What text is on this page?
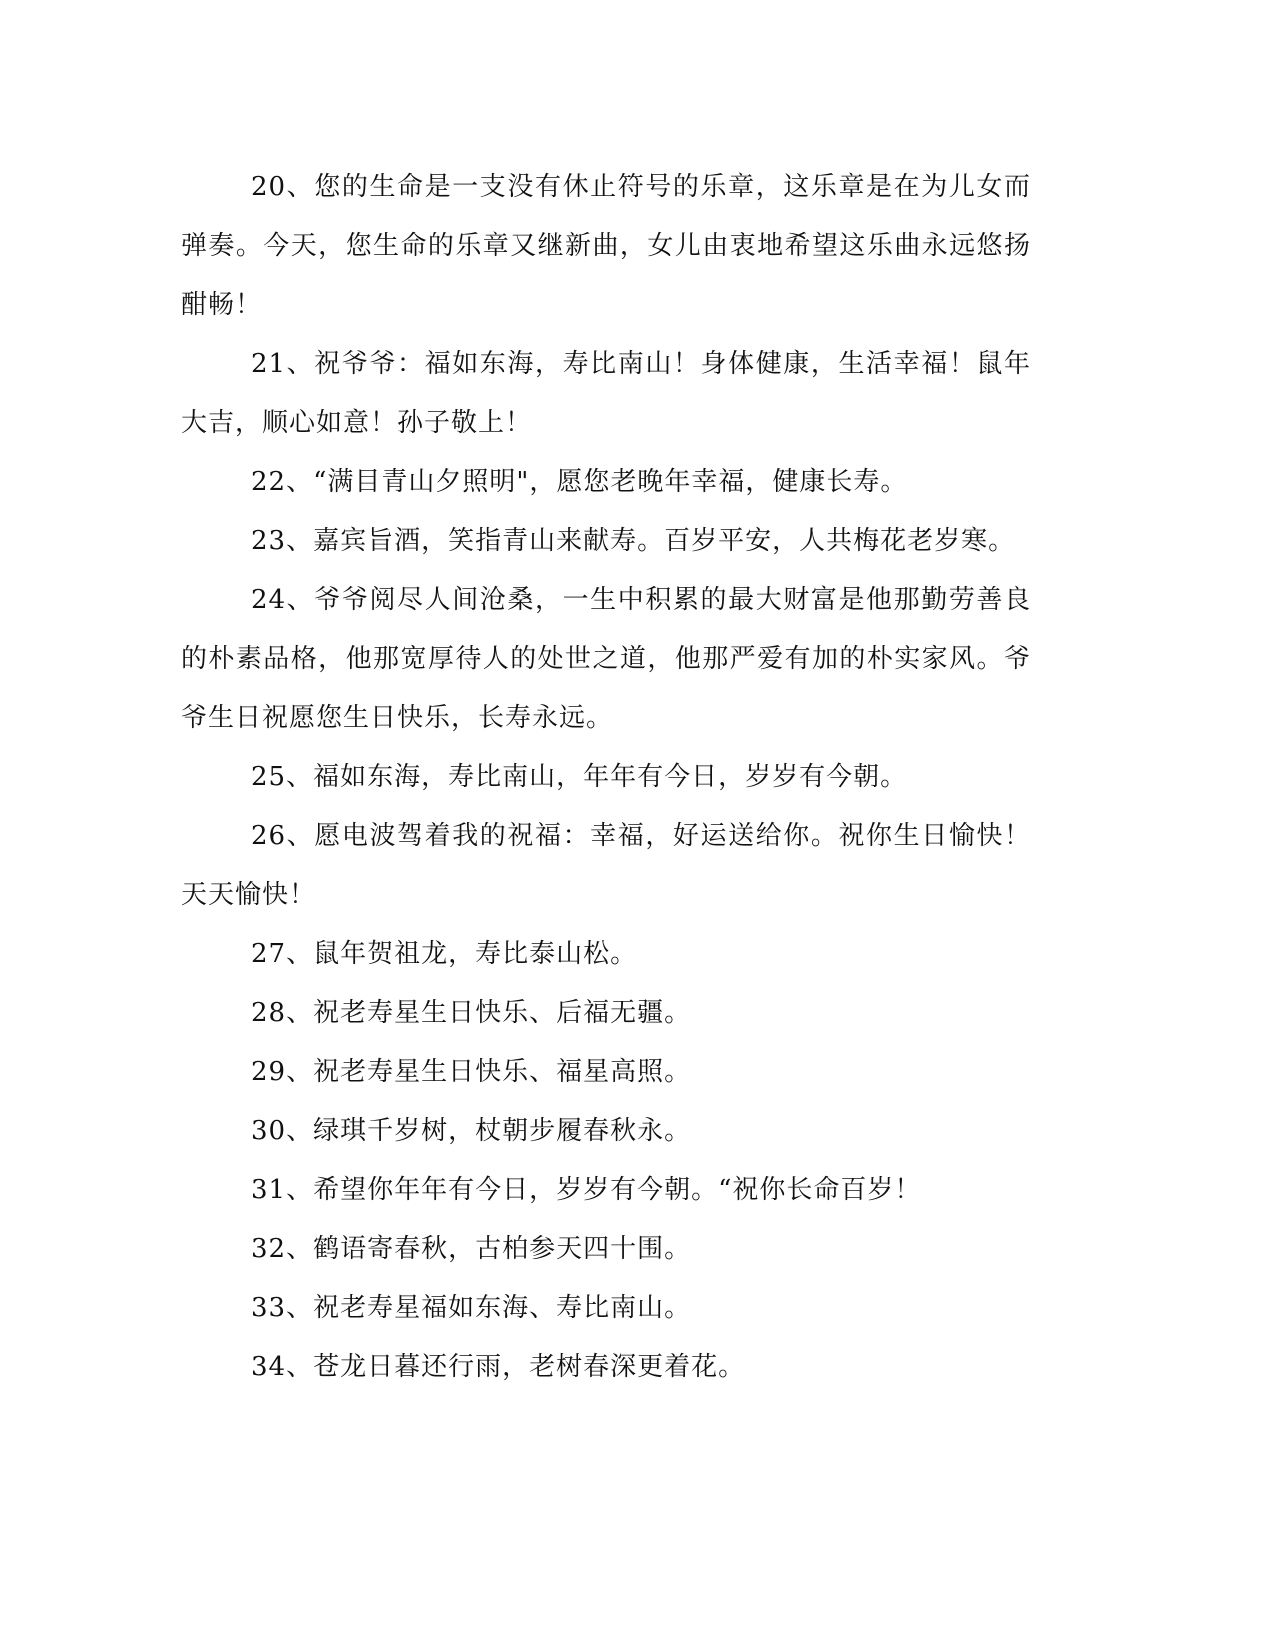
20、您的生命是一支没有休止符号的乐章，这乐章是在为儿女而弹奏。今天，您生命的乐章又继新曲，女儿由衷地希望这乐曲永远悠扬酣畅！

21、祝爷爷：福如东海，寿比南山！身体健康，生活幸福！鼠年大吉，顺心如意！孙子敬上！

22、“满目青山夕照明"，愿您老晚年幸福，健康长寿。

23、嘉宾旨酒，笑指青山来献寿。百岁平安，人共梅花老岁寒。

24、爷爷阅尽人间沧桑，一生中积累的最大财富是他那勤劳善良的朴素品格，他那宽厚待人的处世之道，他那严爱有加的朴实家风。爷爷生日祝愿您生日快乐，长寿永远。

25、福如东海，寿比南山，年年有今日，岁岁有今朝。

26、愿电波驾着我的祝福：幸福，好运送给你。祝你生日愉快！天天愉快！

27、鼠年贺祖龙，寿比泰山松。

28、祝老寿星生日快乐、后福无疆。

29、祝老寿星生日快乐、福星高照。

30、绿琪千岁树，杖朝步履春秋永。

31、希望你年年有今日，岁岁有今朝。“祝你长命百岁！

32、鹤语寄春秋，古柏参天四十围。

33、祝老寿星福如东海、寿比南山。

34、苍龙日暮还行雨，老树春深更着花。
